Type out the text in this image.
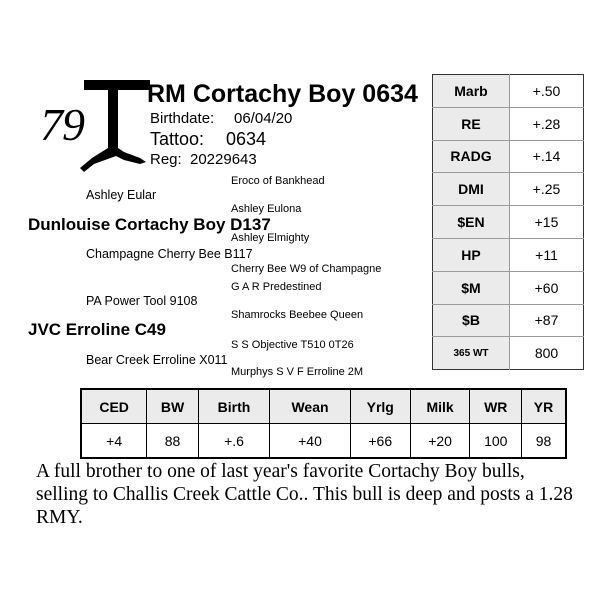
79
RM Cortachy Boy 0634
Birthdate: 06/04/20
Tattoo: 0634
Reg: 20229643
Eroco of Bankhead
Ashley Eular
Ashley Eulona
Dunlouise Cortachy Boy D137
Ashley Elmighty
Champagne Cherry Bee B117
Cherry Bee W9 of Champagne
G A R Predestined
PA Power Tool 9108
Shamrocks Beebee Queen
JVC Erroline C49
S S Objective T510 0T26
Bear Creek Erroline X011
Murphys S V F Erroline 2M
Marb	+.50
RE	+.28
RADG	+.14
DMI	+.25
$EN	+15
HP	+11
$M	+60
$B	+87
365 WT	800
CED	BW	Birth	Wean	Yrlg	Milk	WR	YR
+4	88	+.6	+40	+66	+20	100	98
A full brother to one of last year's favorite Cortachy Boy bulls, selling to Challis Creek Cattle Co.. This bull is deep and posts a 1.28 RMY.
